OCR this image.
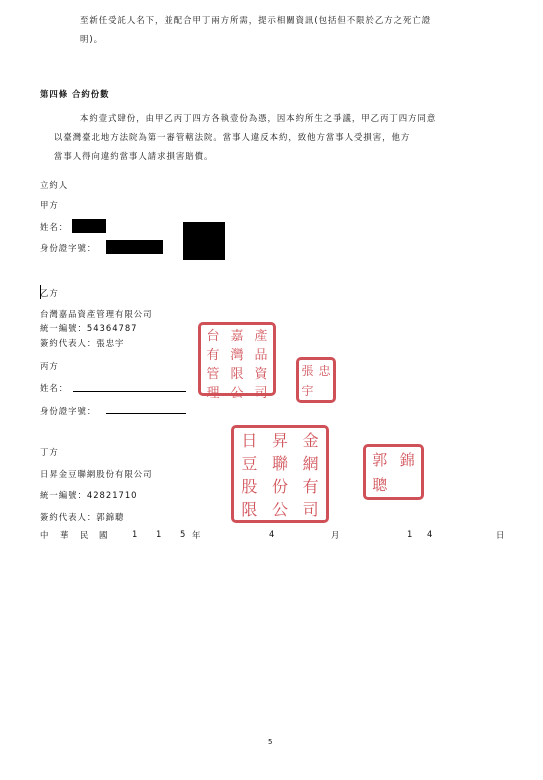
至新任受託人名下，並配合甲丁兩方所需，提示相關資訊(包括但不限於乙方之死亡證
明)。
第四條 合約份數
本約壹式肆份，由甲乙丙丁四方各執壹份為憑，因本約所生之爭議，甲乙丙丁四方同意
以臺灣臺北地方法院為第一審管轄法院。當事人違反本約，致他方當事人受損害，他方
當事人得向違約當事人請求損害賠償。
立約人
甲方
姓名：
身份證字號：
乙方
台灣嘉品資產管理有限公司
統一編號：54364787
簽約代表人：張忠宇
丙方
姓名：
身份證字號：
丁方
日昇金豆聯網股份有限公司
統一編號：42821710
簽約代表人：郭錦聰
台 嘉 產
有 灣 品
管 限 資
理 公 司
張 忠
宇
日 昇 金
豆 聯 網
股 份 有
限 公 司
郭 錦
聰
中 華 民 國	1 1 5
年	4	月	1 4	日
5
